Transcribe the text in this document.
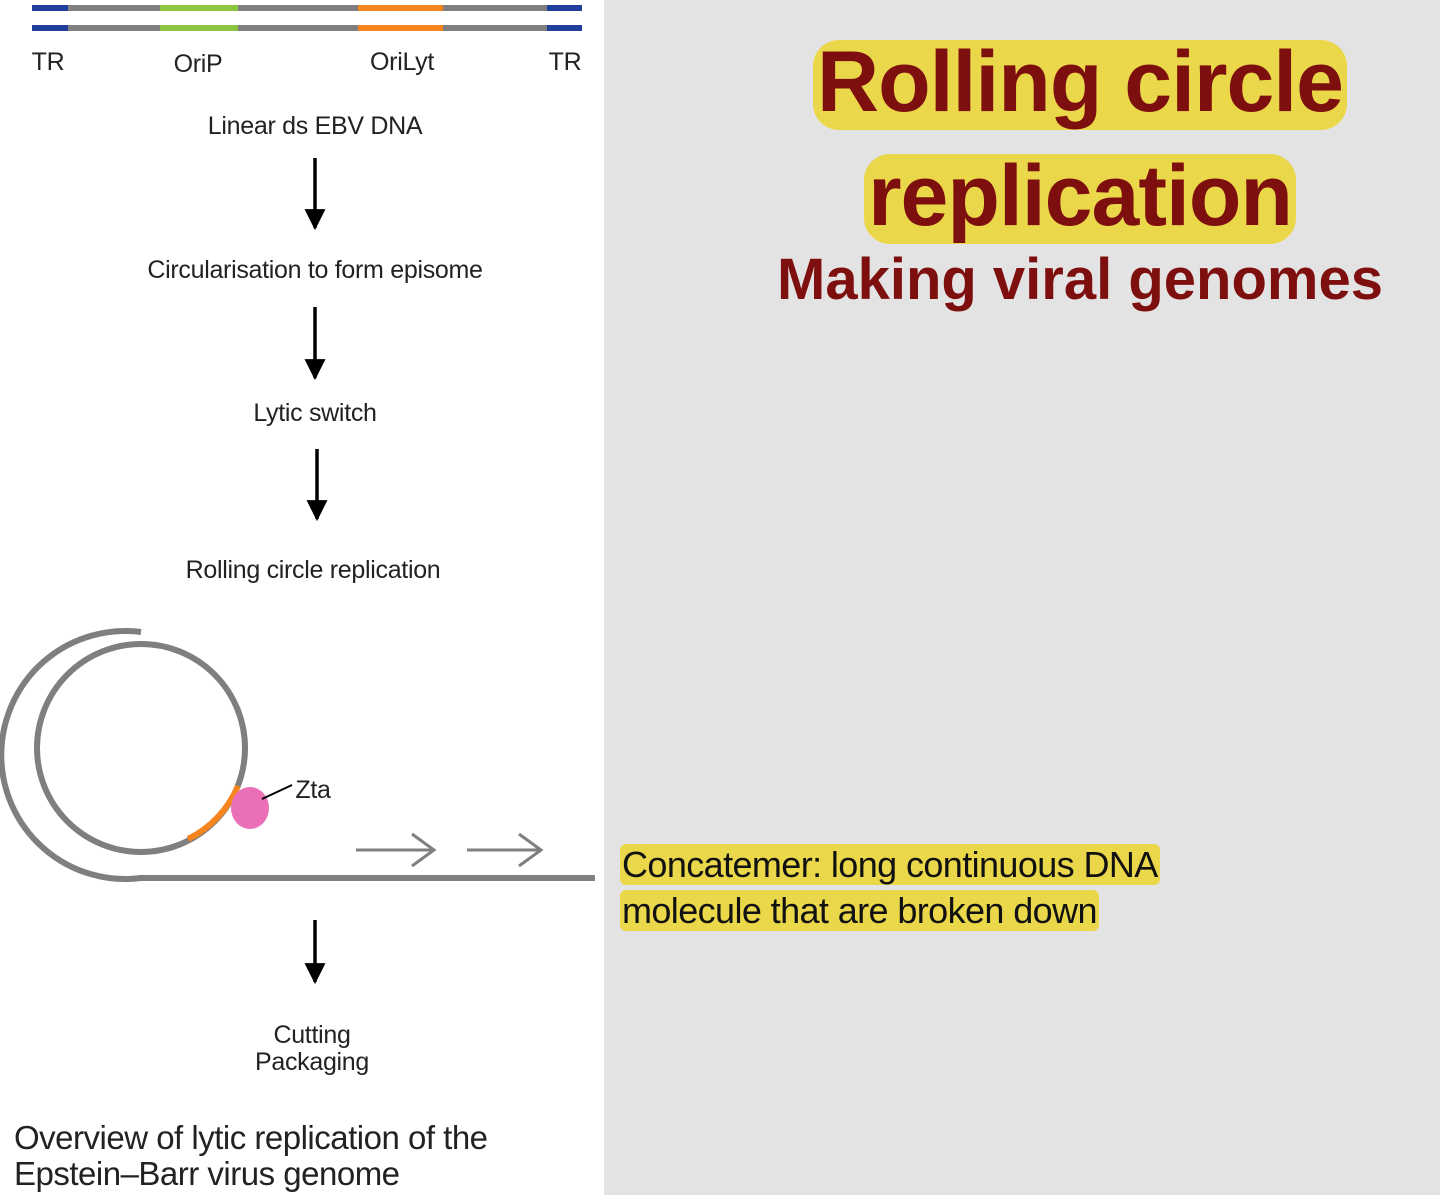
TR	OriP	OriLyt	TR
Linear ds EBV DNA
Circularisation to form episome
Lytic switch
Rolling circle replication
Zta
Cutting
Packaging
Overview of lytic replication of the
Epstein–Barr virus genome
Rolling circle
replication
Making viral genomes
Concatemer: long continuous DNA
molecule that are broken down
